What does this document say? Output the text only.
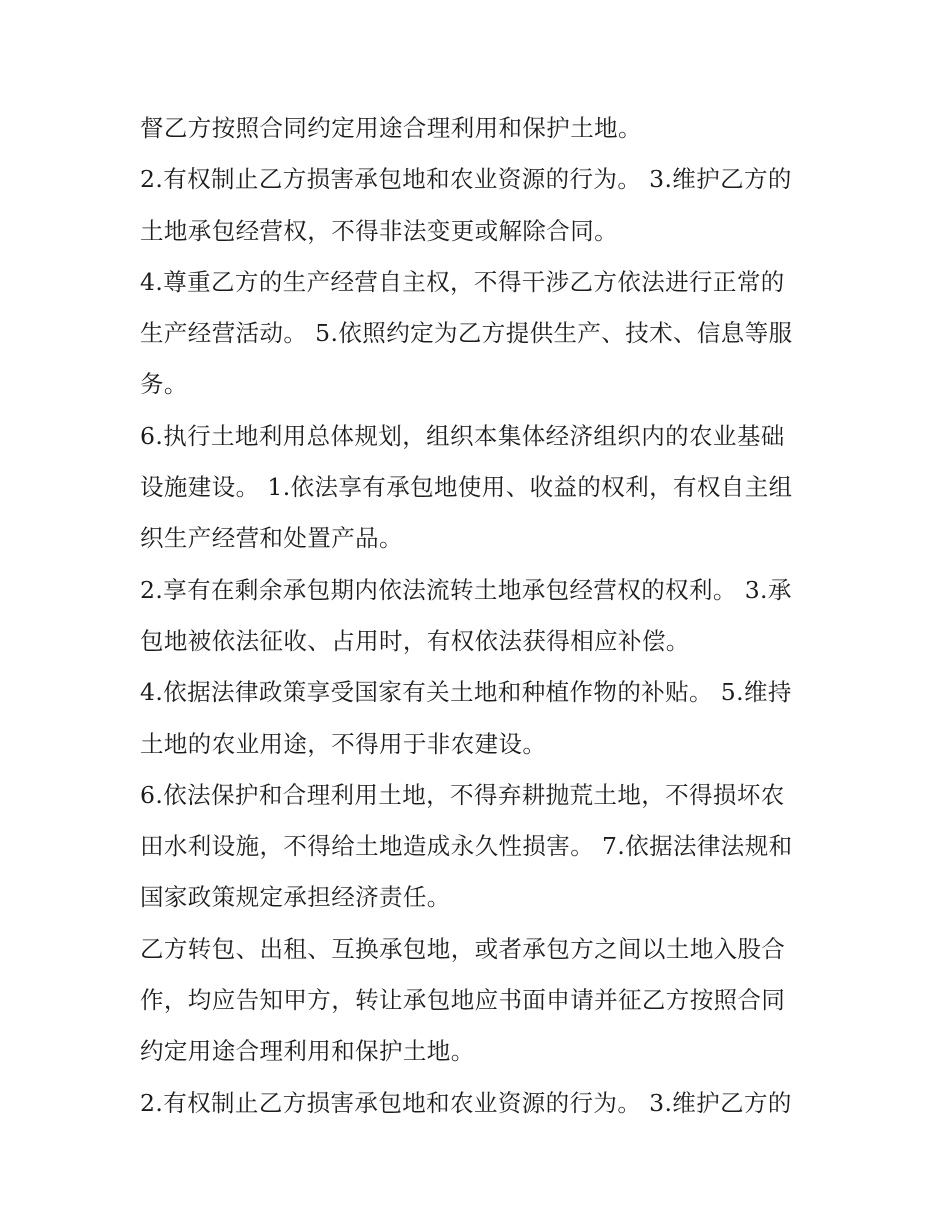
督乙方按照合同约定用途合理利用和保护土地。
2.有权制止乙方损害承包地和农业资源的行为。 3.维护乙方的
土地承包经营权，不得非法变更或解除合同。
4.尊重乙方的生产经营自主权，不得干涉乙方依法进行正常的
生产经营活动。 5.依照约定为乙方提供生产、技术、信息等服
务。
6.执行土地利用总体规划，组织本集体经济组织内的农业基础
设施建设。 1.依法享有承包地使用、收益的权利，有权自主组
织生产经营和处置产品。
2.享有在剩余承包期内依法流转土地承包经营权的权利。 3.承
包地被依法征收、占用时，有权依法获得相应补偿。
4.依据法律政策享受国家有关土地和种植作物的补贴。 5.维持
土地的农业用途，不得用于非农建设。
6.依法保护和合理利用土地，不得弃耕抛荒土地，不得损坏农
田水利设施，不得给土地造成永久性损害。 7.依据法律法规和
国家政策规定承担经济责任。
乙方转包、出租、互换承包地，或者承包方之间以土地入股合
作，均应告知甲方，转让承包地应书面申请并征乙方按照合同
约定用途合理利用和保护土地。
2.有权制止乙方损害承包地和农业资源的行为。 3.维护乙方的
